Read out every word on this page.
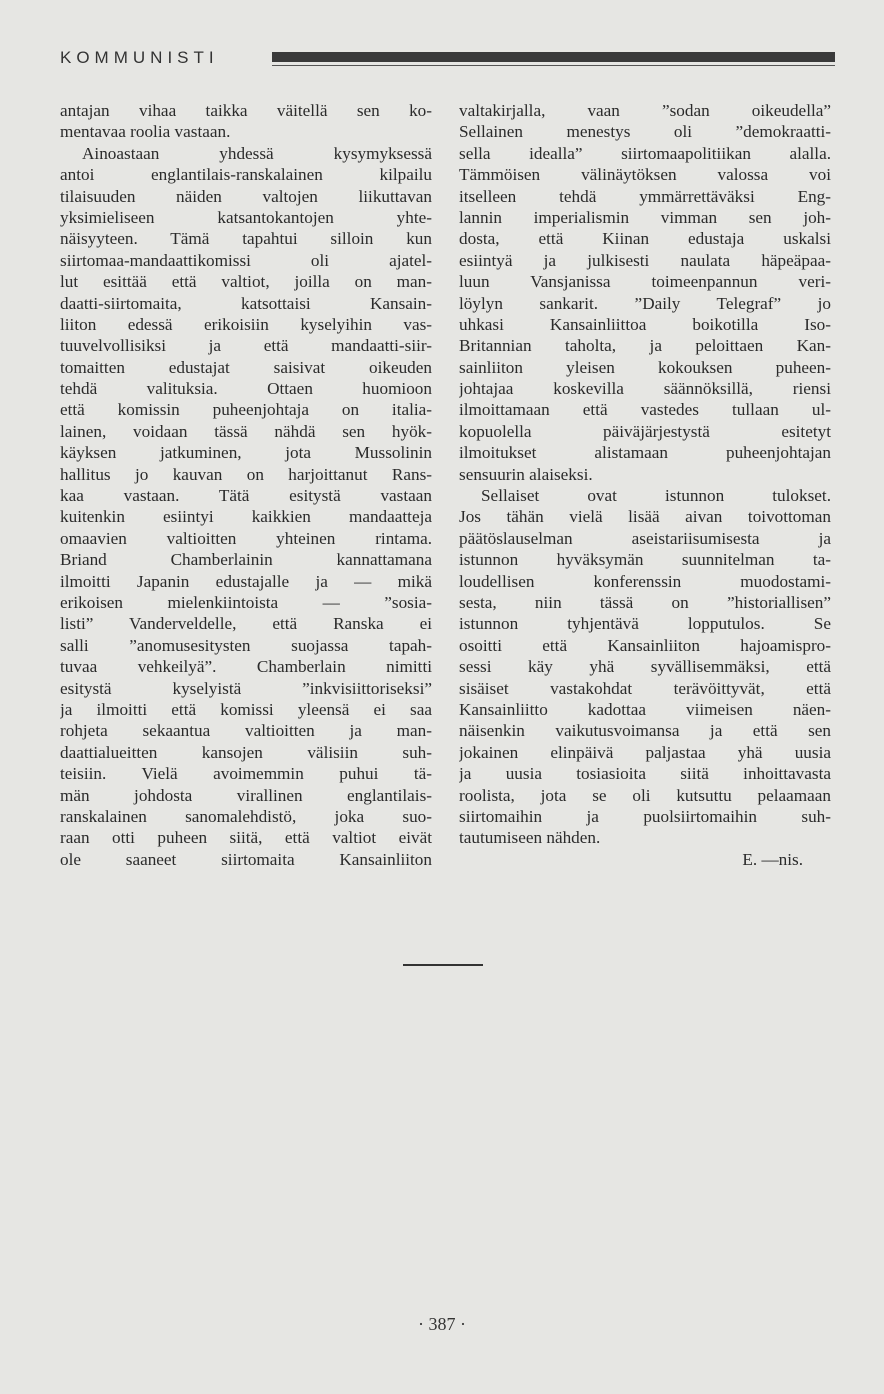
KOMMUNISTI
antajan vihaa taikka väitellä sen ko-
mentavaa roolia vastaan.
Ainoastaan yhdessä kysymyksessä
antoi englantilais-ranskalainen kilpailu
tilaisuuden näiden valtojen liikuttavan
yksimieliseen katsantokantojen yhte-
näisyyteen. Tämä tapahtui silloin kun
siirtomaa-mandaattikomissi oli ajatel-
lut esittää että valtiot, joilla on man-
daatti-siirtomaita, katsottaisi Kansain-
liiton edessä erikoisiin kyselyihin vas-
tuuvelvollisiksi ja että mandaatti-siir-
tomaitten edustajat saisivat oikeuden
tehdä valituksia. Ottaen huomioon
että komissin puheenjohtaja on italia-
lainen, voidaan tässä nähdä sen hyök-
käyksen jatkuminen, jota Mussolinin
hallitus jo kauvan on harjoittanut Rans-
kaa vastaan. Tätä esitystä vastaan
kuitenkin esiintyi kaikkien mandaatteja
omaavien valtioitten yhteinen rintama.
Briand Chamberlainin kannattamana
ilmoitti Japanin edustajalle ja — mikä
erikoisen mielenkiintoista — ”sosia-
listi” Vanderveldelle, että Ranska ei
salli ”anomusesitysten suojassa tapah-
tuvaa vehkeilyä”. Chamberlain nimitti
esitystä kyselyistä ”inkvisiittoriseksi”
ja ilmoitti että komissi yleensä ei saa
rohjeta sekaantua valtioitten ja man-
daattialueitten kansojen välisiin suh-
teisiin. Vielä avoimemmin puhui tä-
män johdosta virallinen englantilais-
ranskalainen sanomalehdistö, joka suo-
raan otti puheen siitä, että valtiot eivät
ole saaneet siirtomaita Kansainliiton
valtakirjalla, vaan ”sodan oikeudella”
Sellainen menestys oli ”demokraatti-
sella idealla” siirtomaapolitiikan alalla.
Tämmöisen välinäytöksen valossa voi
itselleen tehdä ymmärrettäväksi Eng-
lannin imperialismin vimman sen joh-
dosta, että Kiinan edustaja uskalsi
esiintyä ja julkisesti naulata häpeäpaa-
luun Vansjanissa toimeenpannun veri-
löylyn sankarit. ”Daily Telegraf” jo
uhkasi Kansainliittoa boikotilla Iso-
Britannian taholta, ja peloittaen Kan-
sainliiton yleisen kokouksen puheen-
johtajaa koskevilla säännöksillä, riensi
ilmoittamaan että vastedes tullaan ul-
kopuolella päiväjärjestystä esitetyt
ilmoitukset alistamaan puheenjohtajan
sensuurin alaiseksi.
Sellaiset ovat istunnon tulokset.
Jos tähän vielä lisää aivan toivottoman
päätöslauselman aseistariisumisesta ja
istunnon hyväksymän suunnitelman ta-
loudellisen konferenssin muodostami-
sesta, niin tässä on ”historiallisen”
istunnon tyhjentävä lopputulos. Se
osoitti että Kansainliiton hajoamispro-
sessi käy yhä syvällisemmäksi, että
sisäiset vastakohdat terävöittyvät, että
Kansainliitto kadottaa viimeisen näen-
näisenkin vaikutusvoimansa ja että sen
jokainen elinpäivä paljastaa yhä uusia
ja uusia tosiasioita siitä inhoittavasta
roolista, jota se oli kutsuttu pelaamaan
siirtomaihin ja puolsiirtomaihin suh-
tautumiseen nähden.
E. —nis.
· 387 ·
